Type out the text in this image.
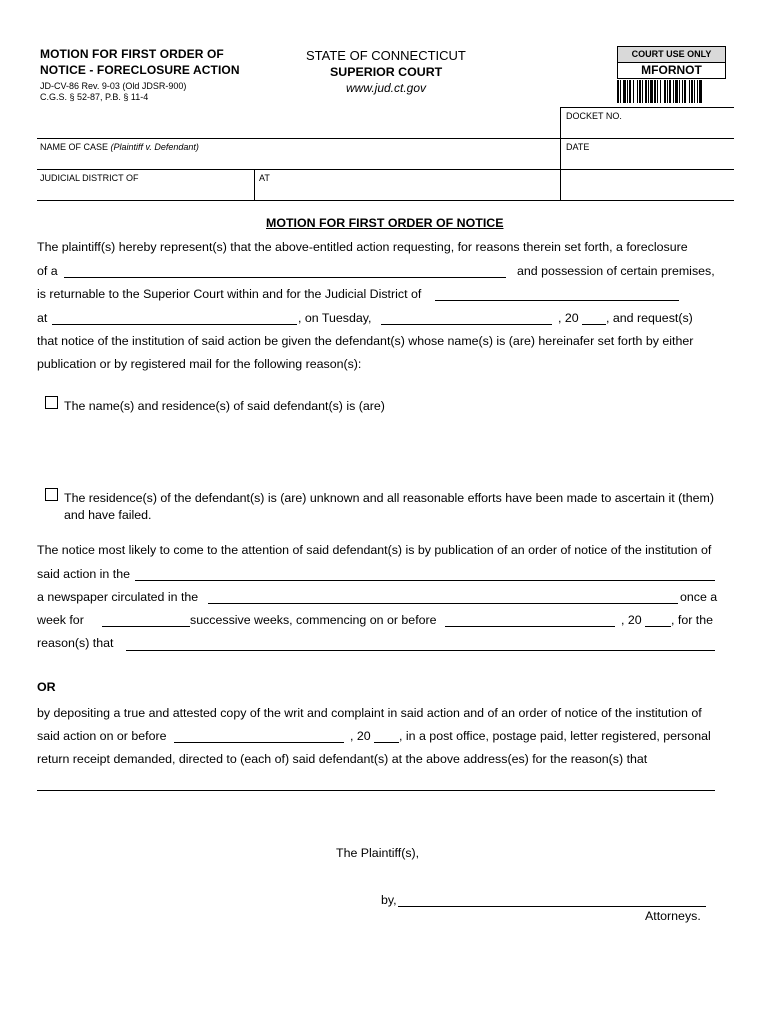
MOTION FOR FIRST ORDER OF
NOTICE - FORECLOSURE ACTION
JD-CV-86 Rev. 9-03 (Old JDSR-900)
C.G.S. § 52-87, P.B. § 11-4
STATE OF CONNECTICUT
SUPERIOR COURT
www.jud.ct.gov
COURT USE ONLY
MFORNOT
DOCKET NO.
NAME OF CASE (Plaintiff v. Defendant)	DATE
JUDICIAL DISTRICT OF	AT
MOTION FOR FIRST ORDER OF NOTICE
The plaintiff(s) hereby represent(s) that the above-entitled action requesting, for reasons therein set forth, a foreclosure
of a	and possession of certain premises,
is returnable to the Superior Court within and for the Judicial District of
at	, on Tuesday,	, 20 , and request(s)
that notice of the institution of said action be given the defendant(s) whose name(s) is (are) hereinafer set forth by either
publication or by registered mail for the following reason(s):
The name(s) and residence(s) of said defendant(s) is (are)
The residence(s) of the defendant(s) is (are) unknown and all reasonable efforts have been made to ascertain it (them)
and have failed.
The notice most likely to come to the attention of said defendant(s) is by publication of an order of notice of the institution of
said action in the
a newspaper circulated in the	once a
week for	successive weeks, commencing on or before	, 20 , for the
reason(s) that
OR
by depositing a true and attested copy of the writ and complaint in said action and of an order of notice of the institution of
said action on or before	, 20 , in a post office, postage paid, letter registered, personal
return receipt demanded, directed to (each of) said defendant(s) at the above address(es) for the reason(s) that
The Plaintiff(s),
by,
Attorneys.
